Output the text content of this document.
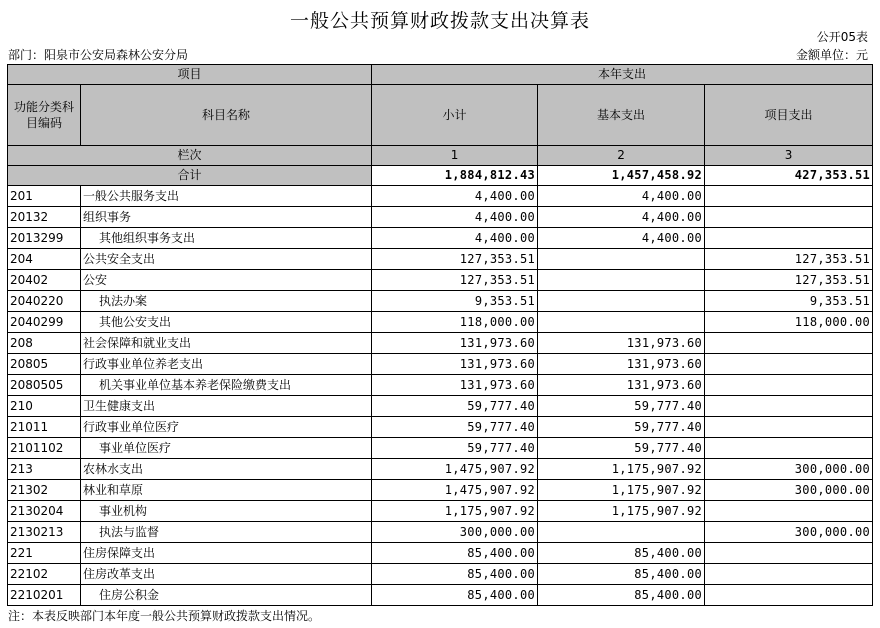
一般公共预算财政拨款支出决算表
公开05表
部门：阳泉市公安局森林公安分局	金额单位：元
项目		本年支出		
功能分类科目编码	科目名称	小计	基本支出	项目支出
栏次		1	2	3
合计		1,884,812.43	1,457,458.92	427,353.51
201	一般公共服务支出	4,400.00	4,400.00	
20132	组织事务	4,400.00	4,400.00	
2013299	其他组织事务支出	4,400.00	4,400.00	
204	公共安全支出	127,353.51		127,353.51
20402	公安	127,353.51		127,353.51
2040220	执法办案	9,353.51		9,353.51
2040299	其他公安支出	118,000.00		118,000.00
208	社会保障和就业支出	131,973.60	131,973.60	
20805	行政事业单位养老支出	131,973.60	131,973.60	
2080505	机关事业单位基本养老保险缴费支出	131,973.60	131,973.60	
210	卫生健康支出	59,777.40	59,777.40	
21011	行政事业单位医疗	59,777.40	59,777.40	
2101102	事业单位医疗	59,777.40	59,777.40	
213	农林水支出	1,475,907.92	1,175,907.92	300,000.00
21302	林业和草原	1,475,907.92	1,175,907.92	300,000.00
2130204	事业机构	1,175,907.92	1,175,907.92	
2130213	执法与监督	300,000.00		300,000.00
221	住房保障支出	85,400.00	85,400.00	
22102	住房改革支出	85,400.00	85,400.00	
2210201	住房公积金	85,400.00	85,400.00	
注：本表反映部门本年度一般公共预算财政拨款支出情况。
